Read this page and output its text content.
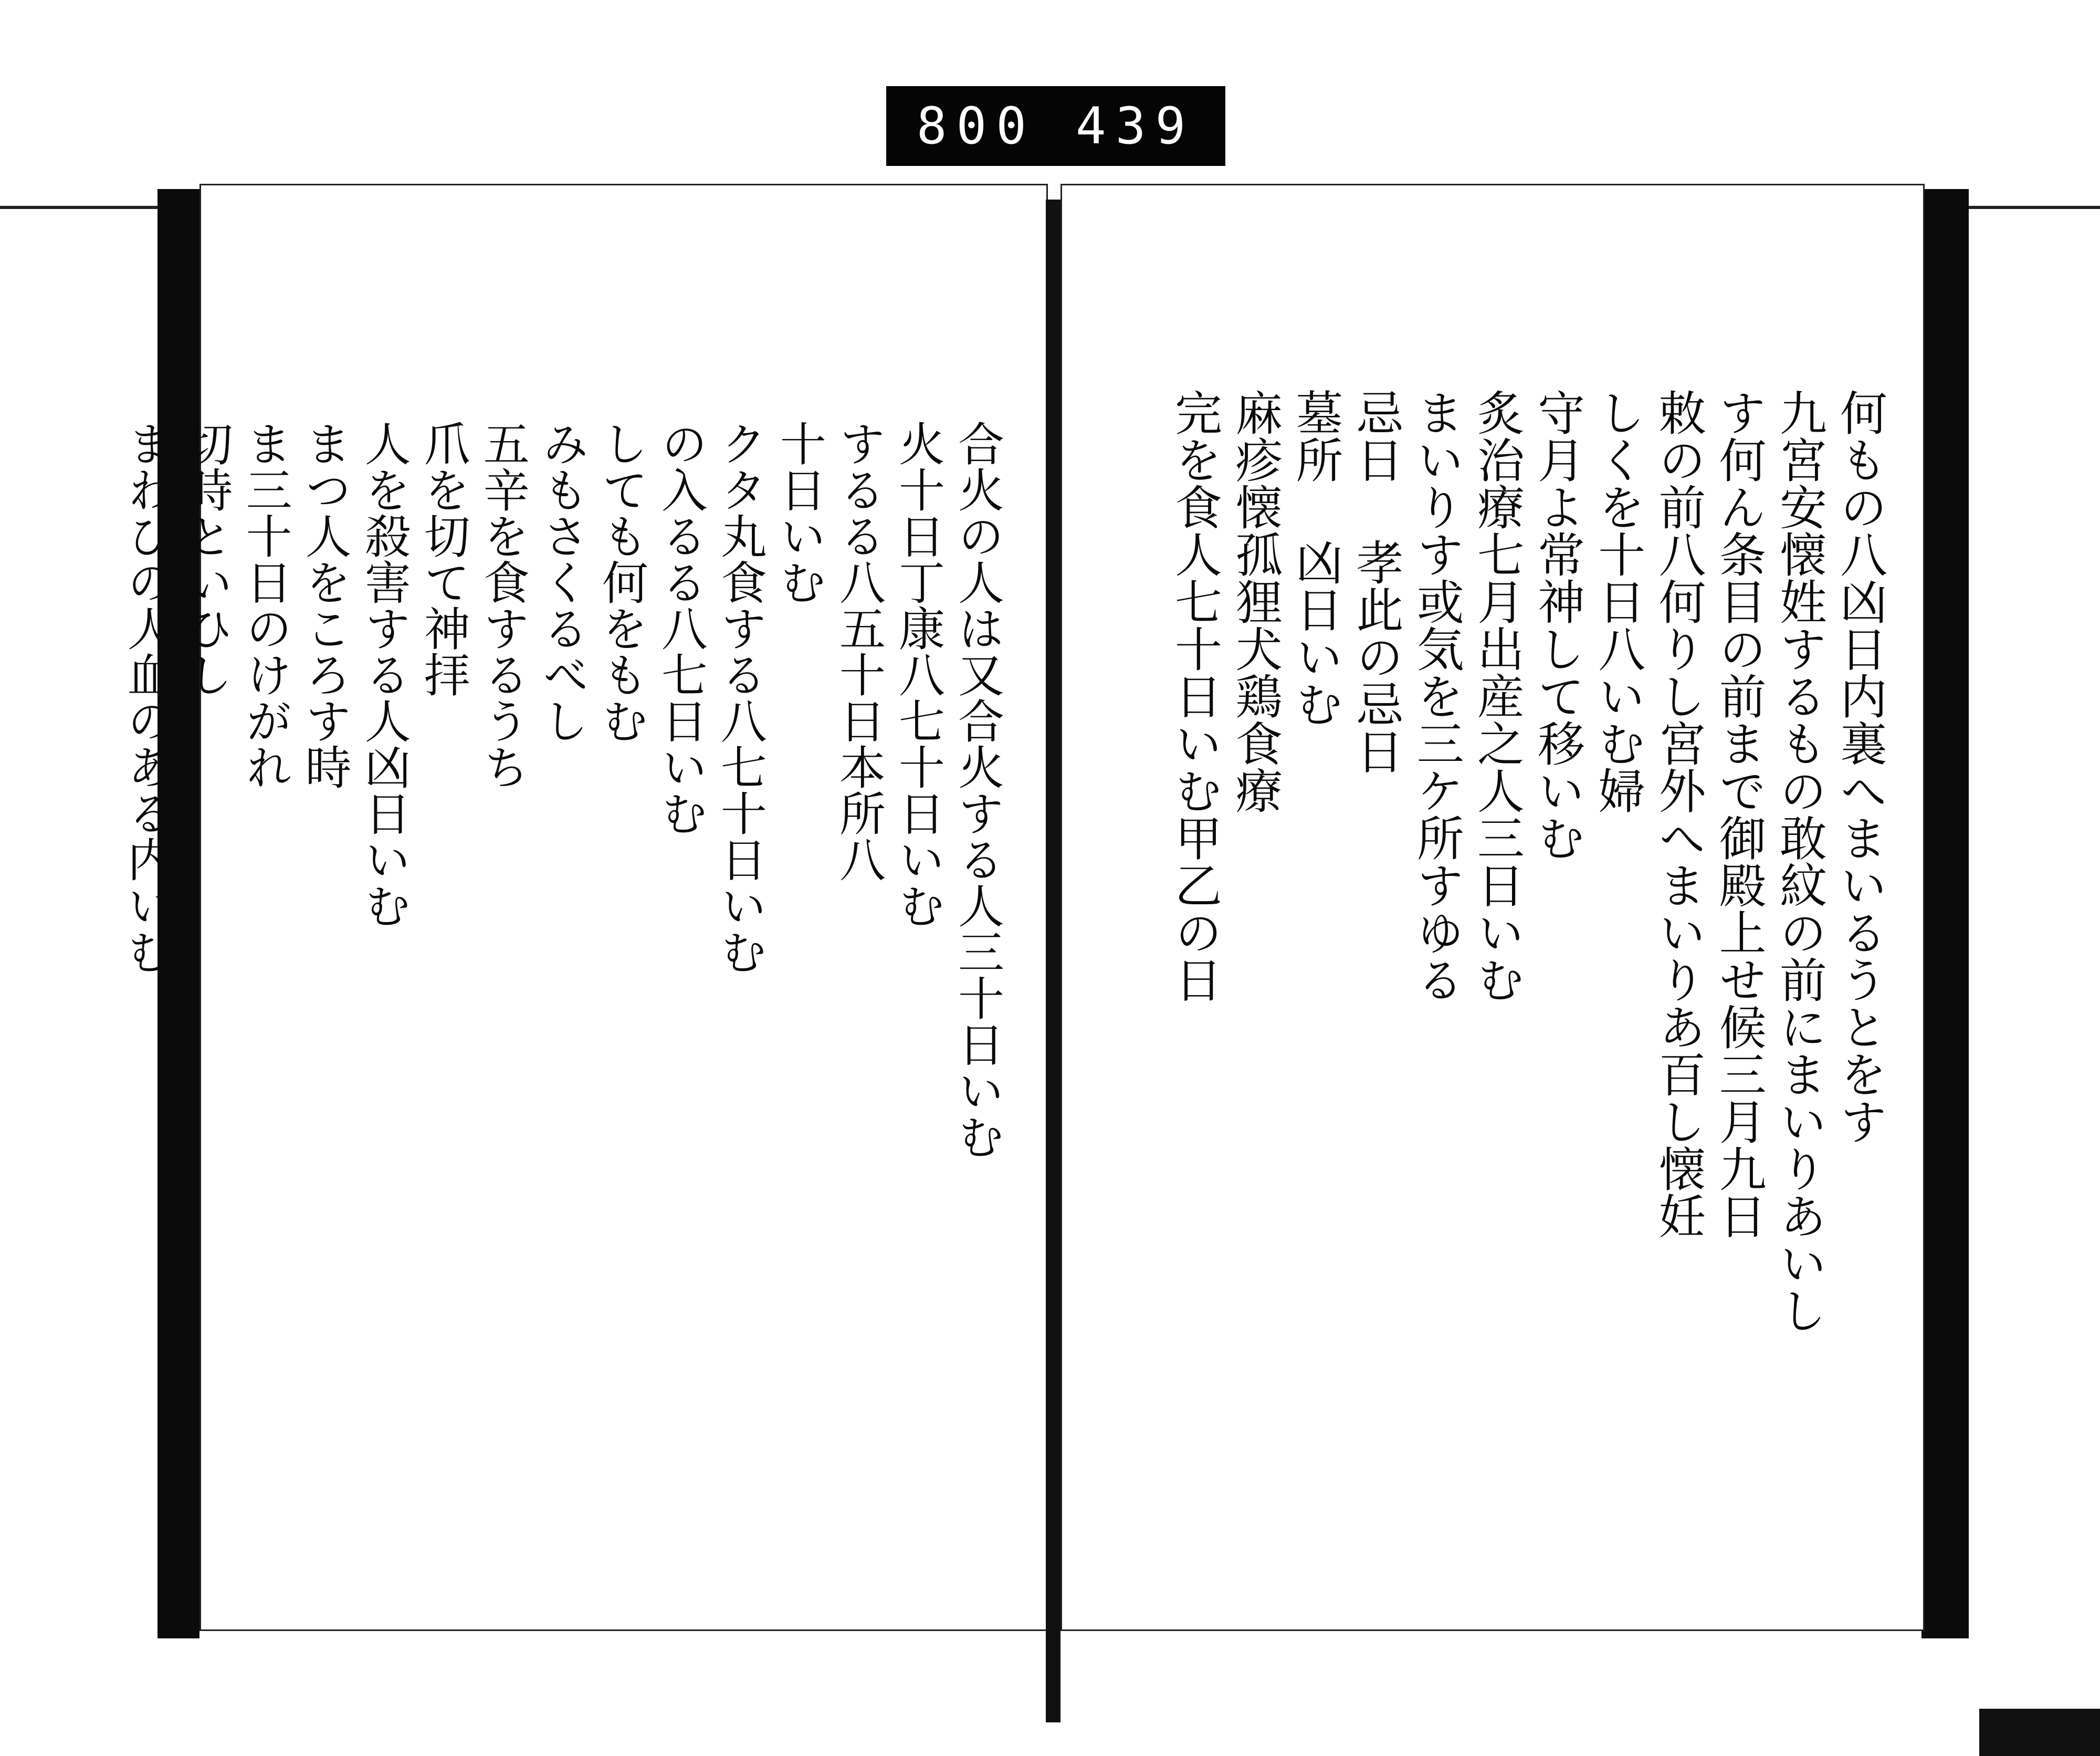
800 439
何もの八凶日内裏へまいるうとをす
九宮安懐姓するもの敢紋の前にまいりあいし
す何ん条目の前まで御殿上せ候三月九日
敕の前八何りし宮外へまいりあ百し懐妊
しくを十日八いむ婦
守月よ常神して移いむ
炙治療七月出産之人三日いむ
まいりす或気を三ケ所すゆる
忌日 孝此の忌日
墓所 凶日いむ
麻疹懐孤狸犬鶏食療
完を食人七十日いむ甲乙の日
合火の人は又合火する人三十日いむ
火十日丁康八七十日いむ
するる八五十日本所八
十日いむ
クタ丸食する八七十日いむ
の入るる八七日いむ
しても何をもむ
みもさくるべし
五辛を食するうち
爪を切て神拝
人を殺害する人凶日いむ
まつ人をころす時
ま三十日のけがれ
切時といひし
まわひの人血のある内いむ
